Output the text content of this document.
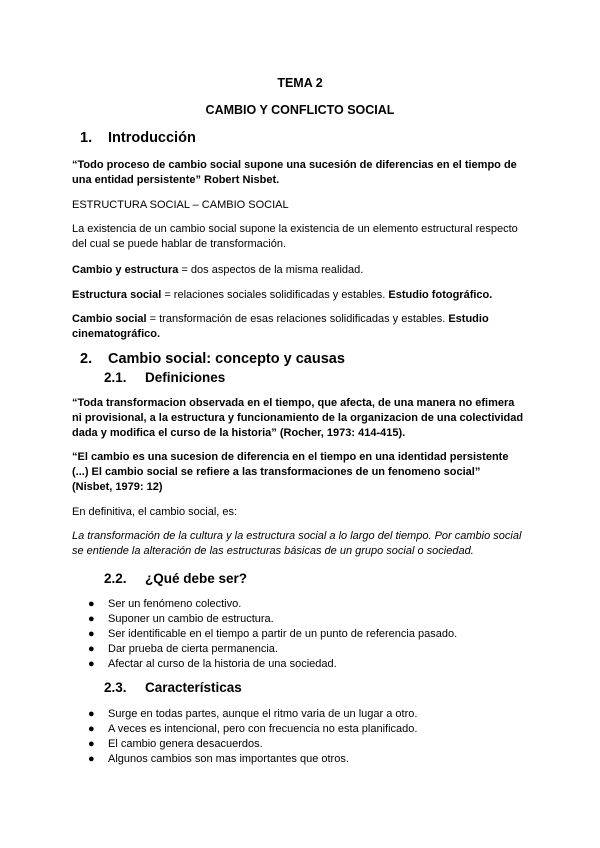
TEMA 2
CAMBIO Y CONFLICTO SOCIAL
1. Introducción
“Todo proceso de cambio social supone una sucesión de diferencias en el tiempo de
una entidad persistente” Robert Nisbet.
ESTRUCTURA SOCIAL – CAMBIO SOCIAL
La existencia de un cambio social supone la existencia de un elemento estructural respecto
del cual se puede hablar de transformación.
Cambio y estructura = dos aspectos de la misma realidad.
Estructura social = relaciones sociales solidificadas y estables. Estudio fotográfico.
Cambio social = transformación de esas relaciones solidificadas y estables. Estudio
cinematográfico.
2. Cambio social: concepto y causas
2.1. Definiciones
“Toda transformacion observada en el tiempo, que afecta, de una manera no efimera
ni provisional, a la estructura y funcionamiento de la organizacion de una colectividad
dada y modifica el curso de la historia” (Rocher, 1973: 414-415).
“El cambio es una sucesion de diferencia en el tiempo en una identidad persistente
(...) El cambio social se refiere a las transformaciones de un fenomeno social”
(Nisbet, 1979: 12)
En definitiva, el cambio social, es:
La transformación de la cultura y la estructura social a lo largo del tiempo. Por cambio social
se entiende la alteración de las estructuras básicas de un grupo social o sociedad.
2.2. ¿Qué debe ser?
● Ser un fenómeno colectivo.
● Suponer un cambio de estructura.
● Ser identificable en el tiempo a partir de un punto de referencia pasado.
● Dar prueba de cierta permanencia.
● Afectar al curso de la historia de una sociedad.
2.3. Características
● Surge en todas partes, aunque el ritmo varia de un lugar a otro.
● A veces es intencional, pero con frecuencia no esta planificado.
● El cambio genera desacuerdos.
● Algunos cambios son mas importantes que otros.
